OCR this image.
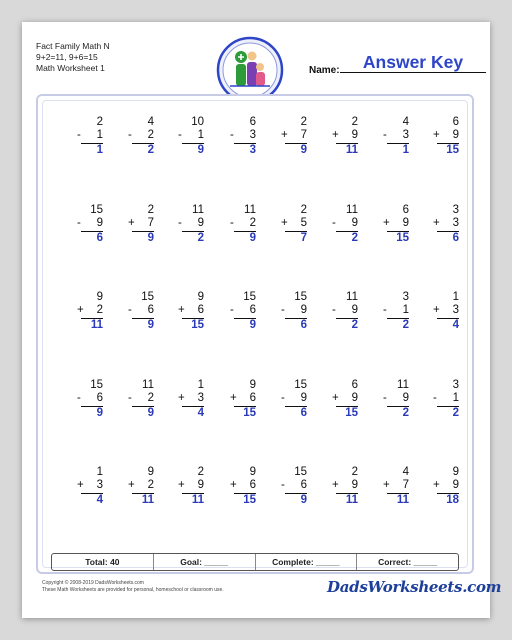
Fact Family Math N
9+2=11, 9+6=15
Math Worksheet 1	Name:	Answer Key
2
- 1
1
4
- 2
2
10
- 1
9
6
- 3
3
2
+ 7
9
2
+ 9
11
4
- 3
1
6
+ 9
15
15
- 9
6
2
+ 7
9
11
- 9
2
11
- 2
9
2
+ 5
7
11
- 9
2
6
+ 9
15
3
+ 3
6
9
+ 2
11
15
- 6
9
9
+ 6
15
15
- 6
9
15
- 9
6
11
- 9
2
3
- 1
2
1
+ 3
4
15
- 6
9
11
- 2
9
1
+ 3
4
9
+ 6
15
15
- 9
6
6
+ 9
15
11
- 9
2
3
- 1
2
1
+ 3
4
9
+ 2
11
2
+ 9
11
9
+ 6
15
15
- 6
9
2
+ 9
11
4
+ 7
11
9
+ 9
18
Total: 40	Goal: _____	Complete: _____	Correct: _____
Copyright © 2008-2019 DadsWorksheets.com
These Math Worksheets are provided for personal, homeschool or classroom use.	DadsWorksheets.com
